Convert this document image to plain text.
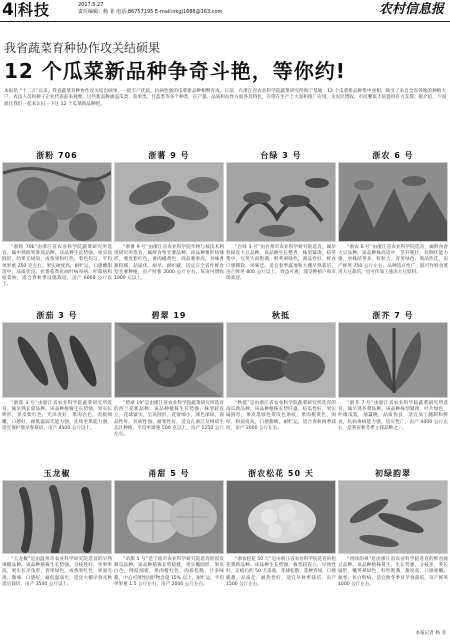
4 科技	2017.5.27
责任编辑：杨 菲 电话:86757195 E-mail:nkgj1688@163.com	农村信息报
我省蔬菜育种协作攻关结硕果
12 个瓜菜新品种争奇斗艳，等你约!
本报讯 “十二五”以来，我省蔬菜育种协作攻关结出硕果，一批丰产优质、抗病性强的瓜菜新品种相继育成。日前，在浙江省农业科学院蔬菜研究所海宁基地，12 个瓜菜新品种集中亮相，吸引了来自全省各地的种植大户、农技人员和种子企业代表前来观摩。这些新品种涵盖瓜类、茄果类、甘蓝类等多个种类，在产量、品质和抗性方面各具特色，有望在生产上大面积推广应用，为农民增收、市民餐桌丰富提供有力支撑。据介绍，下面就让我们一起来认识一下这 12 个瓜菜新品种吧。
浙粉 706
“浙粉 706”由浙江省农业科学院蔬菜研究所选育，属中熟粉果番茄品种。该品种生长势强，果实高圆形，幼果无绿肩，成熟果粉红色，着色均匀，平均单果重 250 克左右。果实硬度高，耐贮运，口感酸甜适中，品质优良。抗番茄黄化曲叶病毒病、叶霉病和枯萎病，适合春秋季设施栽培，亩产 6000 公斤以上。
浙薯 9 号
“浙薯 9 号”由浙江省农业科学院作物与核技术利用研究所选育，属鲜食型甘薯品种。该品种薯形纺锤形，薯皮紫红色，薯肉橘黄色，商品薯率高，食味香甜粉糯，品质优。耐旱，耐贮藏，适宜在全省作鲜食型甘薯种植，亩产鲜薯 2000 公斤左右，每亩可增收 1000 元以上。
台绿 3 号
“台绿 3 号”由台州市农业科学研究院选育，属早熟绿皮大豆品种。该品种生长整齐，株型紧凑，结荚集中，豆荚大而饱满，鲜荚翠绿色，商品性好。鲜食口感糯软，风味佳。适宜春季露地和大棚早熟栽培，亩产鲜荚 800 公斤以上，效益可观，深受种植户和市场欢迎。
浙农 6 号
“浙农 6 号”由浙江省农业科学院选育，属鲜食春大豆品种。该品种株高适中，茎秆粗壮，抗倒伏能力强，单株结荚多，籽粒大，青荚绿色，商品性佳，亩产鲜荚 750 公斤左右。品种适应性广，既可作鲜食菜用大豆栽培，也可作加工速冻大豆原料。
浙茄 3 号
“浙茄 3 号”由浙江省农业科学院蔬菜研究所选育，属早熟长茄品种。该品种植株生长势强，果实长棒形，果皮紫红色，光泽度好，果肉白色，肉质细嫩，口感好，耐低温弱光能力强，连续坐果能力强，适宜保护地早春栽培，亩产 4500 公斤以上。
碧翠 19
“碧翠 19”是由浙江省农业科学院蔬菜研究所选育的西兰花新品种。该品种植株生长势强，株型较直立，花球紧实，呈高圆形，花蕾细小，颜色深绿，商品性好。抗病性强，耐寒性好，适宜在浙江及相似生态区种植，平均单球重 500 克以上，亩产 1250 公斤左右。
秋抵
“秋抵”是由浙江省农业科学院蔬菜研究所选育的南瓜新品种。该品种植株长势旺盛，结瓜性好，果实扁圆形，果皮墨绿色带浅色条纹，果肉橙黄色，肉厚，粉质度高，口感甜糯。耐贮运，适合春秋两季栽培，亩产 2000 公斤左右。
浙芥 7 号
“浙芥 7 号”由浙江省农业科学院蔬菜研究所选育，属早熟芥菜品种。该品种株型紧凑，叶片绿色，叶缘浅裂，抽薹晚，品质优良，适宜加工腌制和鲜食，抗病毒病能力强，适应性广，亩产 4000 公斤左右，是我省秋冬季主栽品种之一。
玉龙椒
“玉龙椒”是由温州市农业科学研究院选育的早熟辣椒品种。该品种植株生长势强，分枝性好，坐果率高，果实长羊角形，青果绿色，成熟果红色，果面光滑，微辣，口感好，耐低温弱光，适宜大棚早春及秋延后栽培，亩产 3500 公斤以上。
甬甜 5 号
“甬甜 5 号”是宁波市农业科学研究院选育的厚皮甜瓜品种。该品种植株长势稳健，果实椭圆形，果皮白色，网纹细密，果肉橙红色，肉质松脆，汁多味甜，中心可溶性固形物含量 15% 以上，耐贮运，平均单果重 1.5 公斤左右，亩产 2000 公斤左右。
浙农松花 50 天
“浙农松花 50 天”是由浙江省农业科学院选育的松花菜新品种。该品种生长势强，株型较直立，早熟性好，定植后约 50 天采收，花球松散，花梗青绿，口感脆甜，品质佳，耐热性好，适宜早秋季栽培，亩产 1500 公斤左右。
初绿韵翠
“初绿韵翠”是由浙江省农业科学院选育的鲜食豌豆品种。该品种植株蔓生，生长势强，分枝多，荚长扁形，嫩荚翠绿色，籽粒饱满，甜度高，口感柔嫩。耐寒，抗白粉病，适宜秋冬季及早春栽培，亩产鲜荚 1000 公斤左右。
本报记者 杨 菲
